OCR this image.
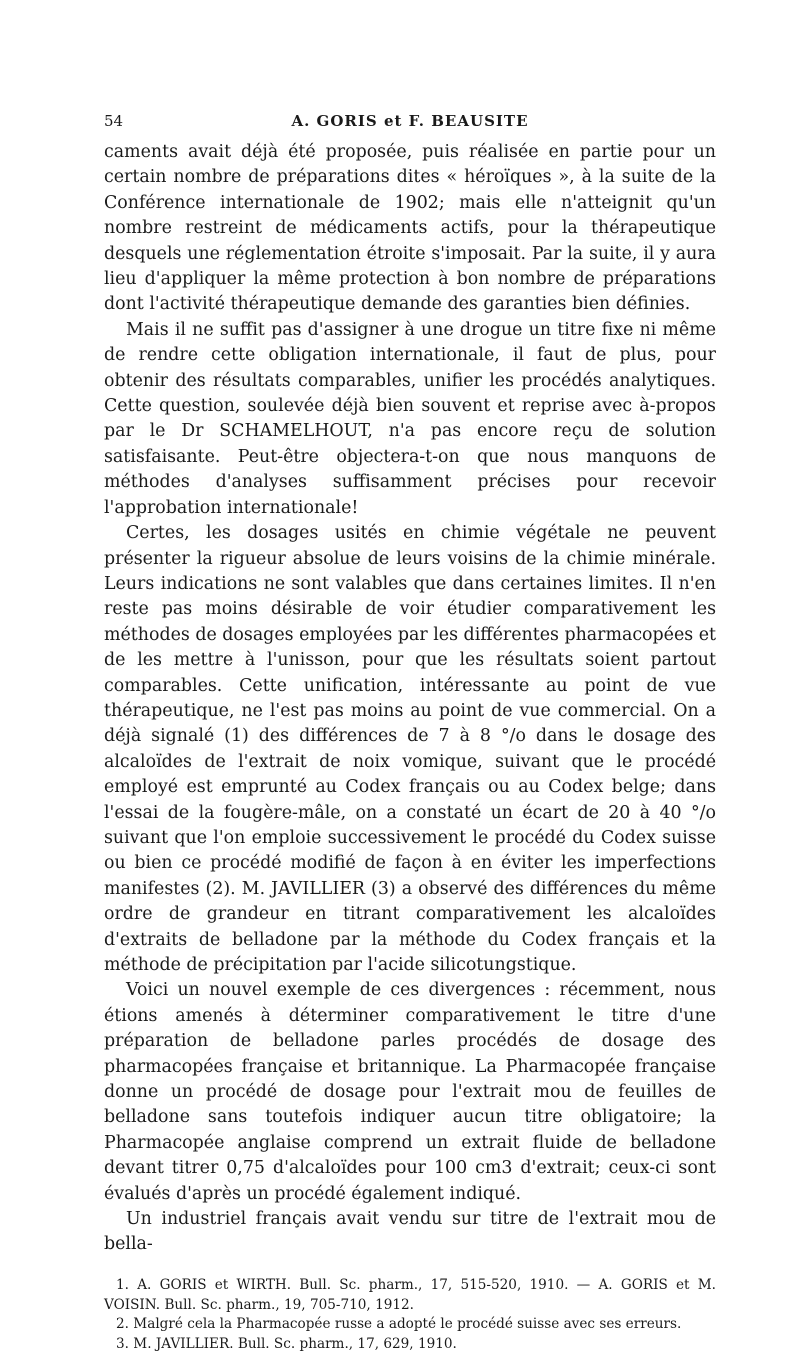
54	A. GORIS et F. BEAUSITE

caments avait déjà été proposée, puis réalisée en partie pour un certain nombre de préparations dites « héroïques », à la suite de la Conférence internationale de 1902; mais elle n'atteignit qu'un nombre restreint de médicaments actifs, pour la thérapeutique desquels une réglementation étroite s'imposait. Par la suite, il y aura lieu d'appliquer la même protection à bon nombre de préparations dont l'activité thérapeutique demande des garanties bien définies.

Mais il ne suffit pas d'assigner à une drogue un titre fixe ni même de rendre cette obligation internationale, il faut de plus, pour obtenir des résultats comparables, unifier les procédés analytiques. Cette question, soulevée déjà bien souvent et reprise avec à-propos par le Dr SCHAMELHOUT, n'a pas encore reçu de solution satisfaisante. Peut-être objectera-t-on que nous manquons de méthodes d'analyses suffisamment précises pour recevoir l'approbation internationale!

Certes, les dosages usités en chimie végétale ne peuvent présenter la rigueur absolue de leurs voisins de la chimie minérale. Leurs indications ne sont valables que dans certaines limites. Il n'en reste pas moins désirable de voir étudier comparativement les méthodes de dosages employées par les différentes pharmacopées et de les mettre à l'unisson, pour que les résultats soient partout comparables. Cette unification, intéressante au point de vue thérapeutique, ne l'est pas moins au point de vue commercial. On a déjà signalé (1) des différences de 7 à 8 °/o dans le dosage des alcaloïdes de l'extrait de noix vomique, suivant que le procédé employé est emprunté au Codex français ou au Codex belge; dans l'essai de la fougère-mâle, on a constaté un écart de 20 à 40 °/o suivant que l'on emploie successivement le procédé du Codex suisse ou bien ce procédé modifié de façon à en éviter les imperfections manifestes (2). M. JAVILLIER (3) a observé des différences du même ordre de grandeur en titrant comparativement les alcaloïdes d'extraits de belladone par la méthode du Codex français et la méthode de précipitation par l'acide silicotungstique.

Voici un nouvel exemple de ces divergences : récemment, nous étions amenés à déterminer comparativement le titre d'une préparation de belladone parles procédés de dosage des pharmacopées française et britannique. La Pharmacopée française donne un procédé de dosage pour l'extrait mou de feuilles de belladone sans toutefois indiquer aucun titre obligatoire; la Pharmacopée anglaise comprend un extrait fluide de belladone devant titrer 0,75 d'alcaloïdes pour 100 cm3 d'extrait; ceux-ci sont évalués d'après un procédé également indiqué.

Un industriel français avait vendu sur titre de l'extrait mou de bella-

1. A. GORIS et WIRTH. Bull. Sc. pharm., 17, 515-520, 1910. — A. GORIS et M. VOISIN. Bull. Sc. pharm., 19, 705-710, 1912.

2. Malgré cela la Pharmacopée russe a adopté le procédé suisse avec ses erreurs.

3. M. JAVILLIER. Bull. Sc. pharm., 17, 629, 1910.
